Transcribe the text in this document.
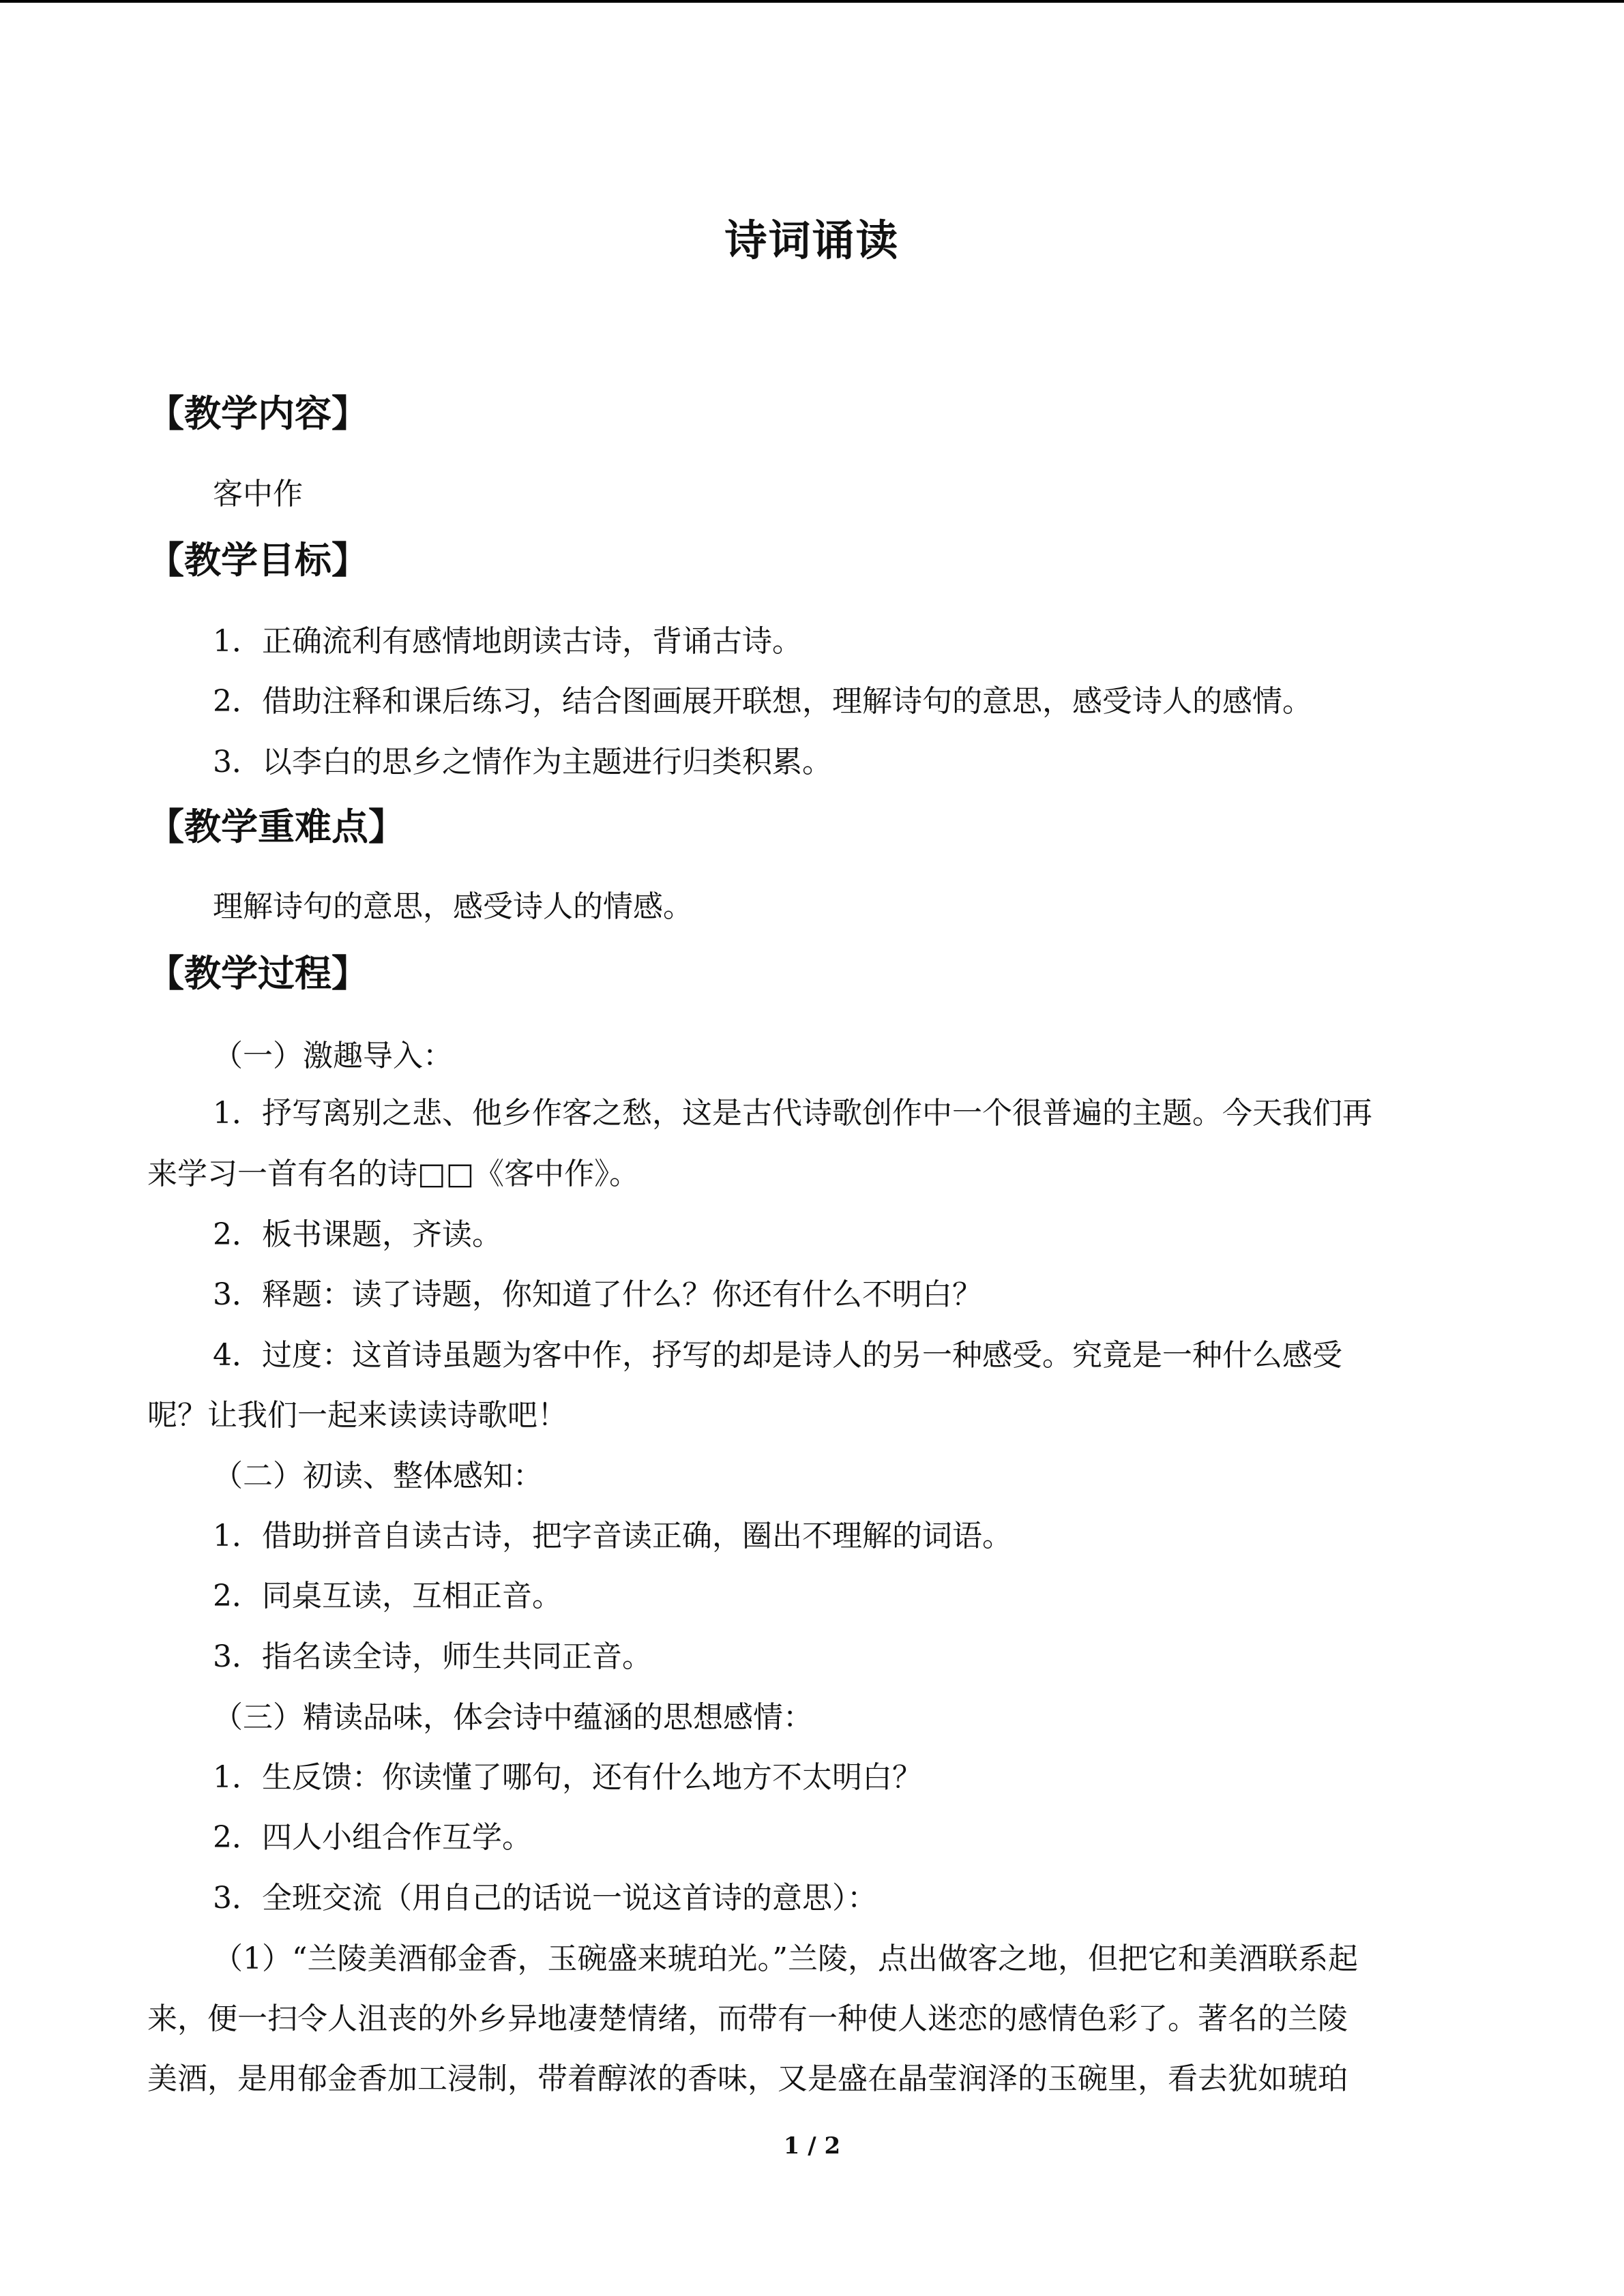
诗词诵读
【教学内容】
客中作
【教学目标】
1．正确流利有感情地朗读古诗，背诵古诗。
2．借助注释和课后练习，结合图画展开联想，理解诗句的意思，感受诗人的感情。
3．以李白的思乡之情作为主题进行归类积累。
【教学重难点】
理解诗句的意思，感受诗人的情感。
【教学过程】
（一）激趣导入：
1．抒写离别之悲、他乡作客之愁，这是古代诗歌创作中一个很普遍的主题。今天我们再
来学习一首有名的诗□□《客中作》。
2．板书课题，齐读。
3．释题：读了诗题，你知道了什么？你还有什么不明白？
4．过度：这首诗虽题为客中作，抒写的却是诗人的另一种感受。究竟是一种什么感受
呢？让我们一起来读读诗歌吧！
（二）初读、整体感知：
1．借助拼音自读古诗，把字音读正确，圈出不理解的词语。
2．同桌互读，互相正音。
3．指名读全诗，师生共同正音。
（三）精读品味，体会诗中蕴涵的思想感情：
1．生反馈：你读懂了哪句，还有什么地方不太明白？
2．四人小组合作互学。
3．全班交流（用自己的话说一说这首诗的意思）：
（1）“兰陵美酒郁金香，玉碗盛来琥珀光。”兰陵，点出做客之地，但把它和美酒联系起
来，便一扫令人沮丧的外乡异地凄楚情绪，而带有一种使人迷恋的感情色彩了。著名的兰陵
美酒，是用郁金香加工浸制，带着醇浓的香味，又是盛在晶莹润泽的玉碗里，看去犹如琥珀
1 / 2
